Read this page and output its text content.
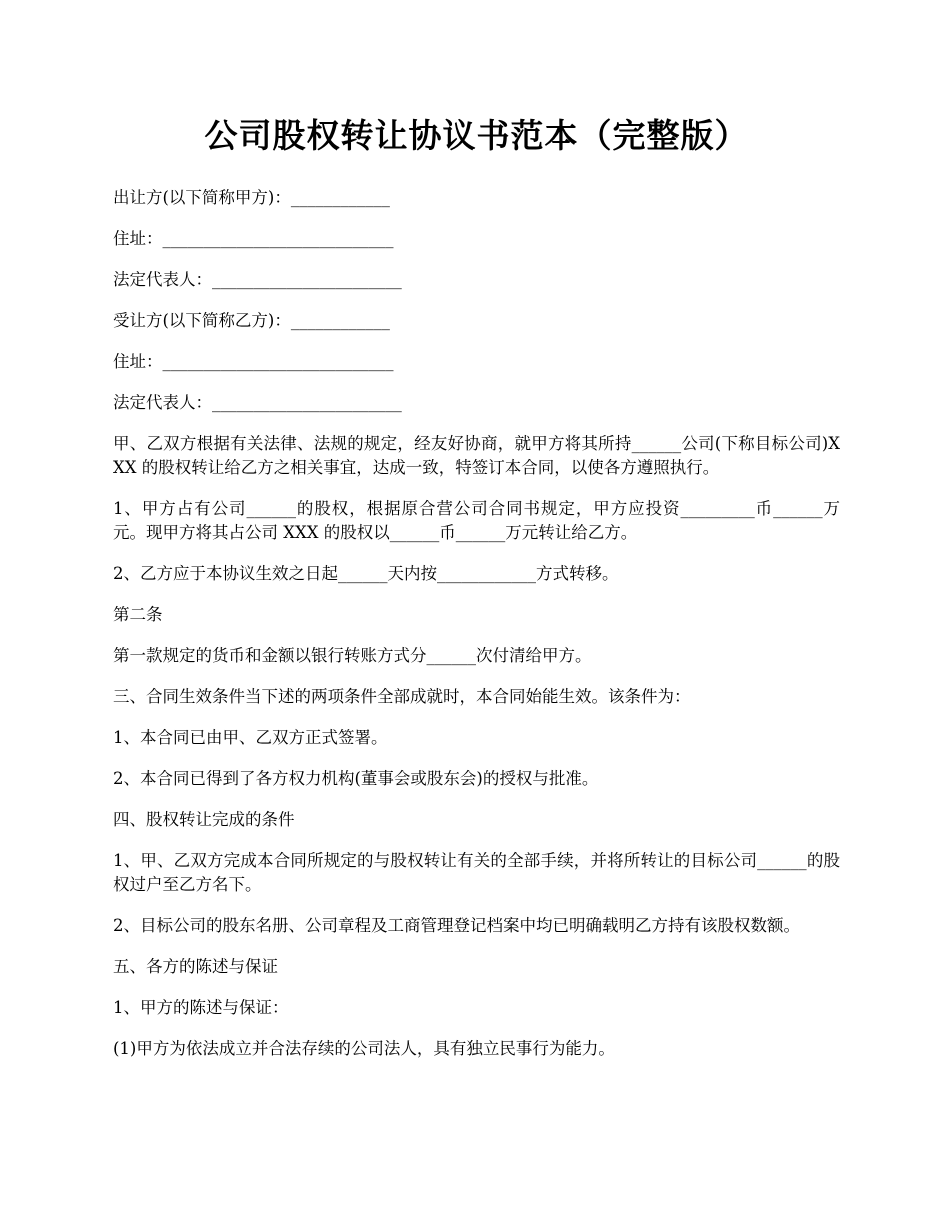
公司股权转让协议书范本（完整版）

出让方(以下简称甲方)：____________

住址：____________________________

法定代表人：_______________________

受让方(以下简称乙方)：____________

住址：____________________________

法定代表人：_______________________

甲、乙双方根据有关法律、法规的规定，经友好协商，就甲方将其所持______公司(下称目标公司)XXX 的股权转让给乙方之相关事宜，达成一致，特签订本合同，以使各方遵照执行。

1、甲方占有公司______的股权，根据原合营公司合同书规定，甲方应投资_________币______万元。现甲方将其占公司 XXX 的股权以______币______万元转让给乙方。

2、乙方应于本协议生效之日起______天内按____________方式转移。

第二条

第一款规定的货币和金额以银行转账方式分______次付清给甲方。

三、合同生效条件当下述的两项条件全部成就时，本合同始能生效。该条件为：

1、本合同已由甲、乙双方正式签署。

2、本合同已得到了各方权力机构(董事会或股东会)的授权与批准。

四、股权转让完成的条件

1、甲、乙双方完成本合同所规定的与股权转让有关的全部手续，并将所转让的目标公司______的股权过户至乙方名下。

2、目标公司的股东名册、公司章程及工商管理登记档案中均已明确载明乙方持有该股权数额。

五、各方的陈述与保证

1、甲方的陈述与保证：

(1)甲方为依法成立并合法存续的公司法人，具有独立民事行为能力。
